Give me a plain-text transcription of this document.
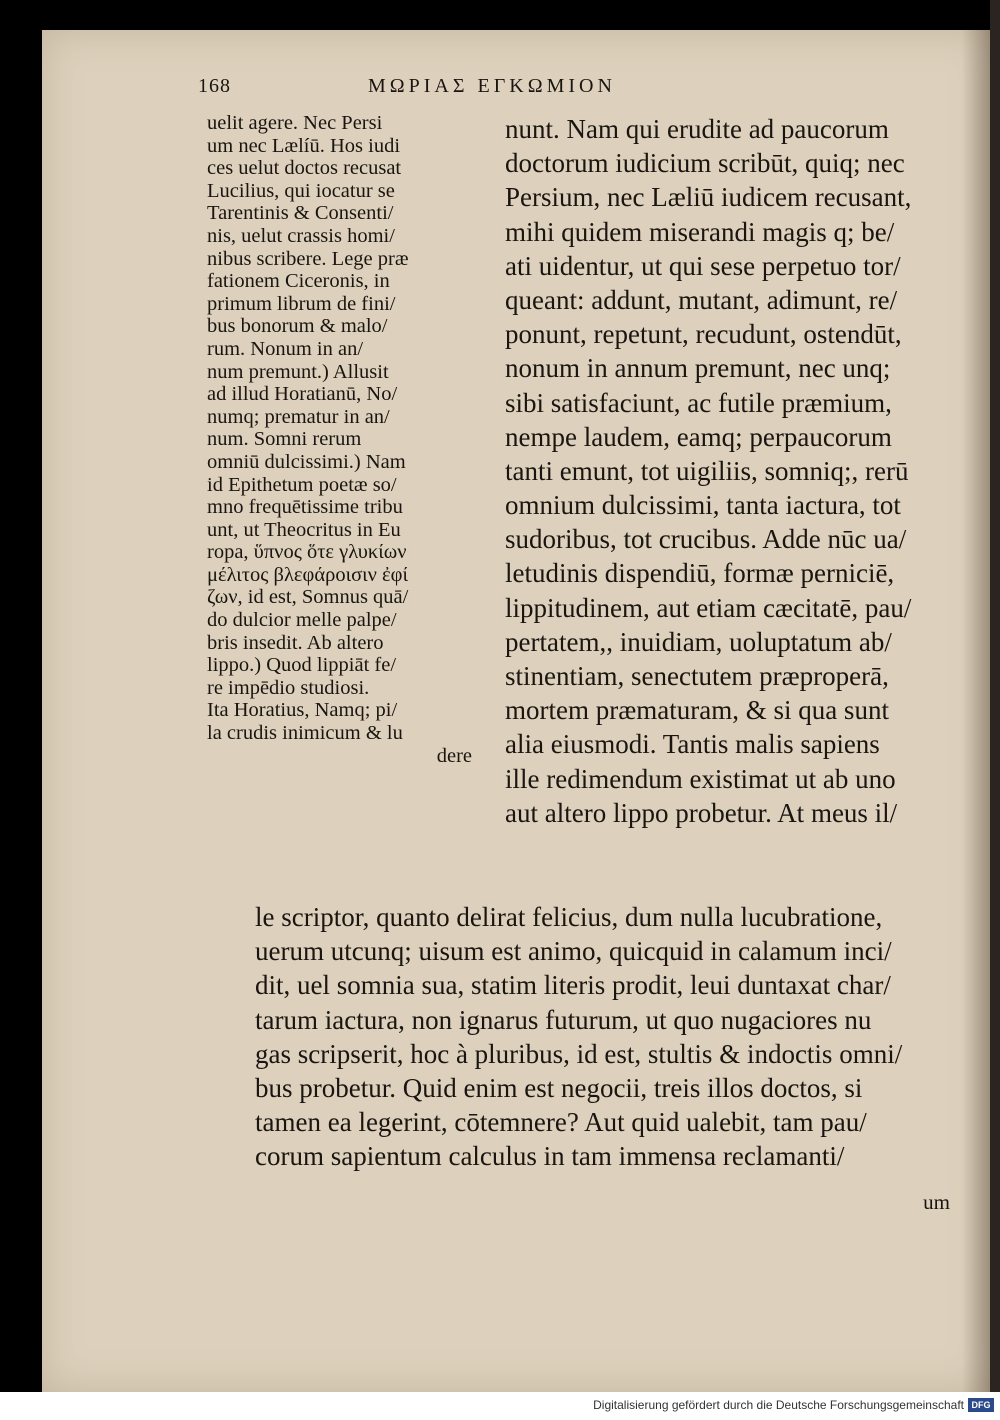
168	ΜΩΡΙΑΣ ΕΓΚΩΜΙΟΝ
uelit agere. Nec Persi
um nec Lælíū. Hos iudi
ces uelut doctos recusat
Lucilius, qui iocatur se
Tarentinis & Consenti/
nis, uelut crassis homi/
nibus scribere. Lege præ
fationem Ciceronis, in
primum librum de fini/
bus bonorum & malo/
rum. Nonum in an/
num premunt.) Allusit
ad illud Horatianū, No/
numq; prematur in an/
num. Somni rerum
omniū dulcissimi.) Nam
id Epithetum poetæ so/
mno frequētissime tribu
unt, ut Theocritus in Eu
ropa, ὕπνος ὅτε γλυκίων
μέλιτος βλεφάροισιν ἐφί
ζων, id est, Somnus quā/
do dulcior melle palpe/
bris insedit. Ab altero
lippo.) Quod lippiāt fe/
re impēdio studiosi.
Ita Horatius, Namq; pi/
la crudis inimicum & lu
dere
nunt. Nam qui erudite ad paucorum
doctorum iudicium scribūt, quiq; nec
Persium, nec Læliū iudicem recusant,
mihi quidem miserandi magis q; be/
ati uidentur, ut qui sese perpetuo tor/
queant: addunt, mutant, adimunt, re/
ponunt, repetunt, recudunt, ostendūt,
nonum in annum premunt, nec unq;
sibi satisfaciunt, ac futile præmium,
nempe laudem, eamq; perpaucorum
tanti emunt, tot uigiliis, somniq;, rerū
omnium dulcissimi, tanta iactura, tot
sudoribus, tot crucibus. Adde nūc ua/
letudinis dispendiū, formæ perniciē,
lippitudinem, aut etiam cæcitatē, pau/
pertatem,, inuidiam, uoluptatum ab/
stinentiam, senectutem præproperā,
mortem præmaturam, & si qua sunt
alia eiusmodi. Tantis malis sapiens
ille redimendum existimat ut ab uno
aut altero lippo probetur. At meus il/
le scriptor, quanto delirat felicius, dum nulla lucubratione,
uerum utcunq; uisum est animo, quicquid in calamum inci/
dit, uel somnia sua, statim literis prodit, leui duntaxat char/
tarum iactura, non ignarus futurum, ut quo nugaciores nu
gas scripserit, hoc à pluribus, id est, stultis & indoctis omni/
bus probetur. Quid enim est negocii, treis illos doctos, si
tamen ea legerint, cōtemnere? Aut quid ualebit, tam pau/
corum sapientum calculus in tam immensa reclamanti/
um
Digitalisierung gefördert durch die Deutsche Forschungsgemeinschaft DFG
